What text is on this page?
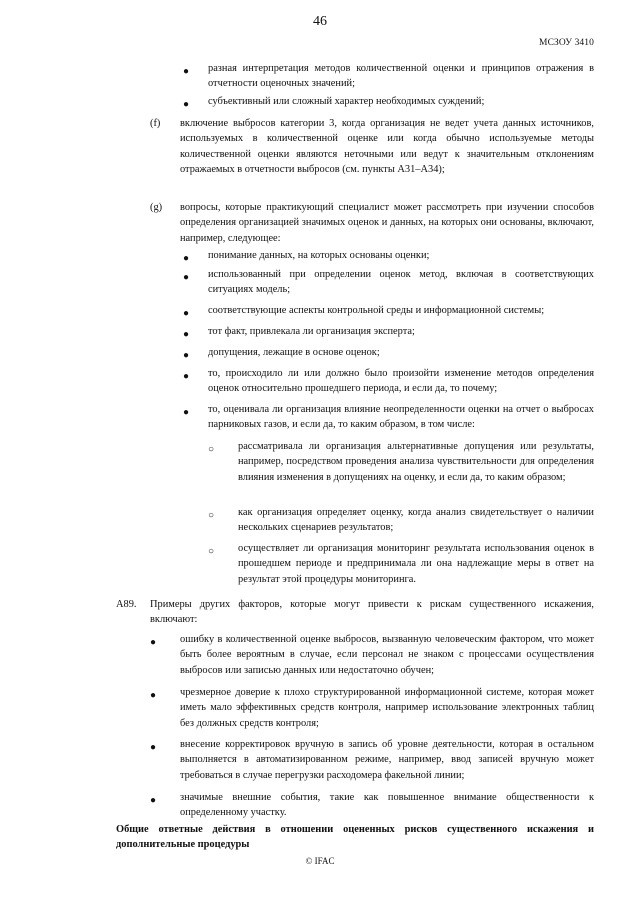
46
МСЗОУ 3410
● разная интерпретация методов количественной оценки и принципов отражения в отчетности оценочных значений;
● субъективный или сложный характер необходимых суждений;
(f) включение выбросов категории 3, когда организация не ведет учета данных источников, используемых в количественной оценке или когда обычно используемые методы количественной оценки являются неточными или ведут к значительным отклонениям отражаемых в отчетности выбросов (см. пункты A31–A34);
(g) вопросы, которые практикующий специалист может рассмотреть при изучении способов определения организацией значимых оценок и данных, на которых они основаны, включают, например, следующее:
● понимание данных, на которых основаны оценки;
● использованный при определении оценок метод, включая в соответствующих ситуациях модель;
● соответствующие аспекты контрольной среды и информационной системы;
● тот факт, привлекала ли организация эксперта;
● допущения, лежащие в основе оценок;
● то, происходило ли или должно было произойти изменение методов определения оценок относительно прошедшего периода, и если да, то почему;
● то, оценивала ли организация влияние неопределенности оценки на отчет о выбросах парниковых газов, и если да, то каким образом, в том числе:
○ рассматривала ли организация альтернативные допущения или результаты, например, посредством проведения анализа чувствительности для определения влияния изменения в допущениях на оценку, и если да, то каким образом;
○ как организация определяет оценку, когда анализ свидетельствует о наличии нескольких сценариев результатов;
○ осуществляет ли организация мониторинг результата использования оценок в прошедшем периоде и предпринимала ли она надлежащие меры в ответ на результат этой процедуры мониторинга.
A89. Примеры других факторов, которые могут привести к рискам существенного искажения, включают:
● ошибку в количественной оценке выбросов, вызванную человеческим фактором, что может быть более вероятным в случае, если персонал не знаком с процессами осуществления выбросов или записью данных или недостаточно обучен;
● чрезмерное доверие к плохо структурированной информационной системе, которая может иметь мало эффективных средств контроля, например использование электронных таблиц без должных средств контроля;
● внесение корректировок вручную в запись об уровне деятельности, которая в остальном выполняется в автоматизированном режиме, например, ввод записей вручную может требоваться в случае перегрузки расходомера факельной линии;
● значимые внешние события, такие как повышенное внимание общественности к определенному участку.
Общие ответные действия в отношении оцененных рисков существенного искажения и дополнительные процедуры
© IFAC
